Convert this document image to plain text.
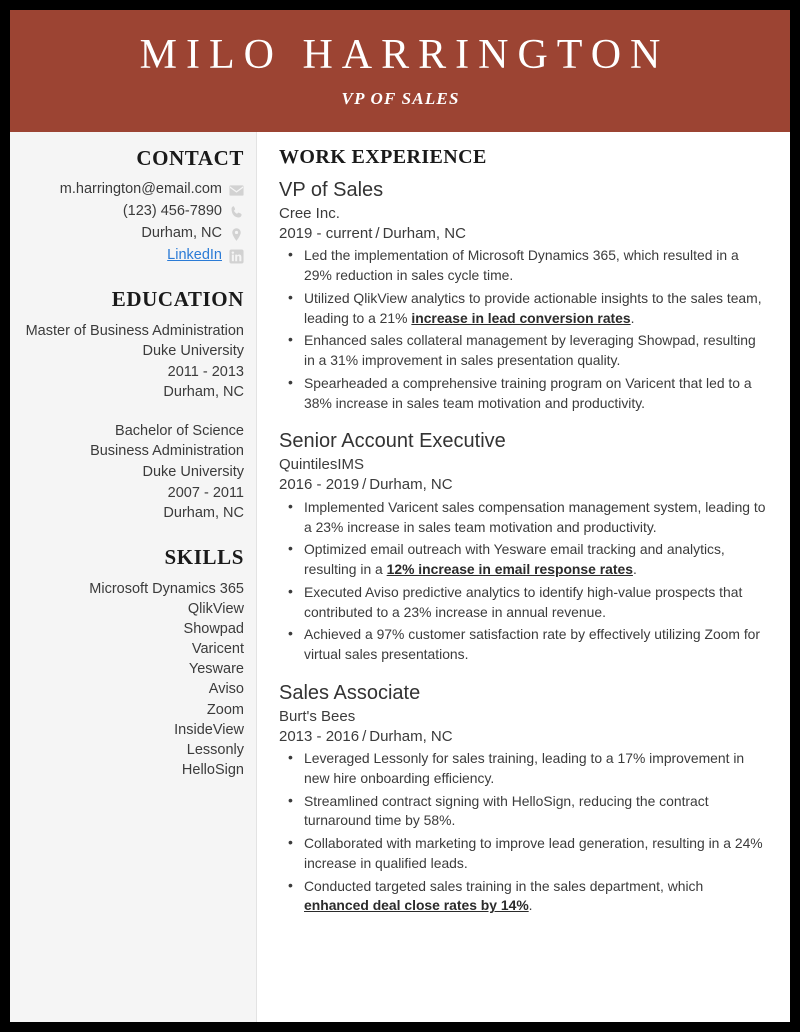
MILO HARRINGTON
VP OF SALES
CONTACT
m.harrington@email.com
(123) 456-7890
Durham, NC
LinkedIn
EDUCATION
Master of Business Administration
Duke University
2011 - 2013
Durham, NC
Bachelor of Science
Business Administration
Duke University
2007 - 2011
Durham, NC
SKILLS
Microsoft Dynamics 365
QlikView
Showpad
Varicent
Yesware
Aviso
Zoom
InsideView
Lessonly
HelloSign
WORK EXPERIENCE
VP of Sales
Cree Inc.
2019 - current / Durham, NC
• Led the implementation of Microsoft Dynamics 365, which resulted in a 29% reduction in sales cycle time.
• Utilized QlikView analytics to provide actionable insights to the sales team, leading to a 21% increase in lead conversion rates.
• Enhanced sales collateral management by leveraging Showpad, resulting in a 31% improvement in sales presentation quality.
• Spearheaded a comprehensive training program on Varicent that led to a 38% increase in sales team motivation and productivity.
Senior Account Executive
QuintilesIMS
2016 - 2019 / Durham, NC
• Implemented Varicent sales compensation management system, leading to a 23% increase in sales team motivation and productivity.
• Optimized email outreach with Yesware email tracking and analytics, resulting in a 12% increase in email response rates.
• Executed Aviso predictive analytics to identify high-value prospects that contributed to a 23% increase in annual revenue.
• Achieved a 97% customer satisfaction rate by effectively utilizing Zoom for virtual sales presentations.
Sales Associate
Burt's Bees
2013 - 2016 / Durham, NC
• Leveraged Lessonly for sales training, leading to a 17% improvement in new hire onboarding efficiency.
• Streamlined contract signing with HelloSign, reducing the contract turnaround time by 58%.
• Collaborated with marketing to improve lead generation, resulting in a 24% increase in qualified leads.
• Conducted targeted sales training in the sales department, which enhanced deal close rates by 14%.
